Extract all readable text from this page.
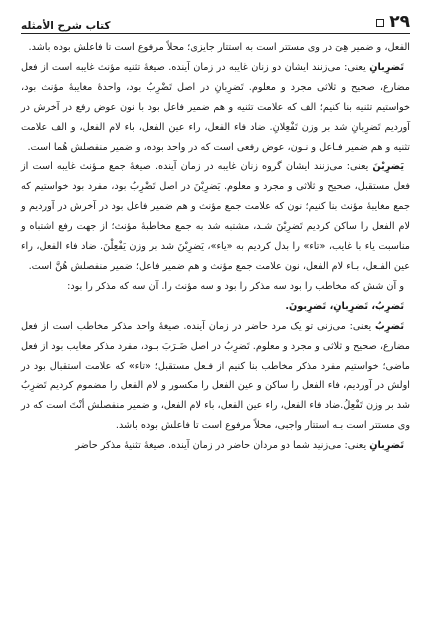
۲۹
کتاب شرح الأمثله

الفعل، و ضمیر هِیَ در وی مستتر است به استتار جایزی؛ محلاً مرفوع است تا فاعلش بوده باشد.

تَضرِبانِ یعنی: می‌زنند ایشان دو زنان غایبه در زمان آینده. صیغهٔ تثنیه مؤنث غایبه است از فعل مضارع، صحیح و ثلاثی مجرد و معلوم. تَضرِبانِ در اصل تَضْرِبُ بود، واحدهٔ مغایبهٔ مؤنث بود، خواستیم تثنیه بنا کنیم؛ الف که علامت تثنیه و هم ضمیر فاعل بود با نون عوض رفع در آخرش در آوردیم تَضرِبانِ شد بر وزن تَفْعِلانِ. ضاد فاء الفعل، راء عین الفعل، باء لام الفعل، و الف علامت تثنیه و هم ضمیر فـاعل و نـون، عوض رفعی است که در واحد بوده، و ضمیر منفصلش هُما است.

یَضرِبْنَ یعنی: می‌زنند ایشان گروه زنان غایبه در زمان آینده. صیغهٔ جمع مـؤنث غایبه است از فعل مستقبل، صحیح و ثلاثی و مجرد و معلوم. یَضرِبْنَ در اصل تَضْرِبُ بود، مفرد بود خواستیم که جمع مغایبهٔ مؤنث بنا کنیم؛ نون که علامت جمع مؤنث و هم ضمیر فاعل بود در آخرش در آوردیم و لام الفعل را ساکن کردیم تَضرِبْنَ شـد، مشتبه شد به جمع مخاطبهٔ مؤنث؛ از جهت رفع اشتباه و مناسبت یاء با غایب، «تاء» را بدل کردیم به «یاء»، یَضرِبْنَ شد بر وزن یَفْعِلْنَ. ضاد فاء الفعل، راء عین الفـعل، بـاء لام الفعل، نون علامت جمع مؤنث و هم ضمیر فاعل؛ ضمیر منفصلش هُنَّ است.

و آن شش که مخاطب را بود سه مذکر را بود و سه مؤنث را. آن سه که مذکر را بود:

تَضرِبُ، تَضرِبانِ، تَضرِبونَ.

تَضرِبُ یعنی: می‌زنی تو یک مرد حاضر در زمان آینده. صیغهٔ واحد مذکر مخاطب است از فعل مضارع، صحیح و ثلاثی و مجرد و معلوم. تَضرِبُ در اصل ضَـرَبَ بـود، مفرد مذکر مغایب بود از فعل ماضی؛ خواستیم مفرد مذکر مخاطب بنا کنیم از فـعل مستقبل؛ «تاء» که علامت استقبال بود در اولش در آوردیم، فاء الفعل را ساکن و عین الفعل را مکسور و لام الفعل را مضموم کردیم تَضرِبُ شد بر وزن تَفْعِلُ.ضاد فاء الفعل، راء عین الفعل، باء لام الفعل، و ضمیر منفصلش أنْتَ است که در وی مستتر است بـه استتار واجبی، محلاً مرفوع است تا فاعلش بوده باشد.

تَضرِبانِ یعنی: می‌زنید شما دو مردان حاضر در زمان آینده. صیغهٔ تثنیهٔ مذکر حاضر
